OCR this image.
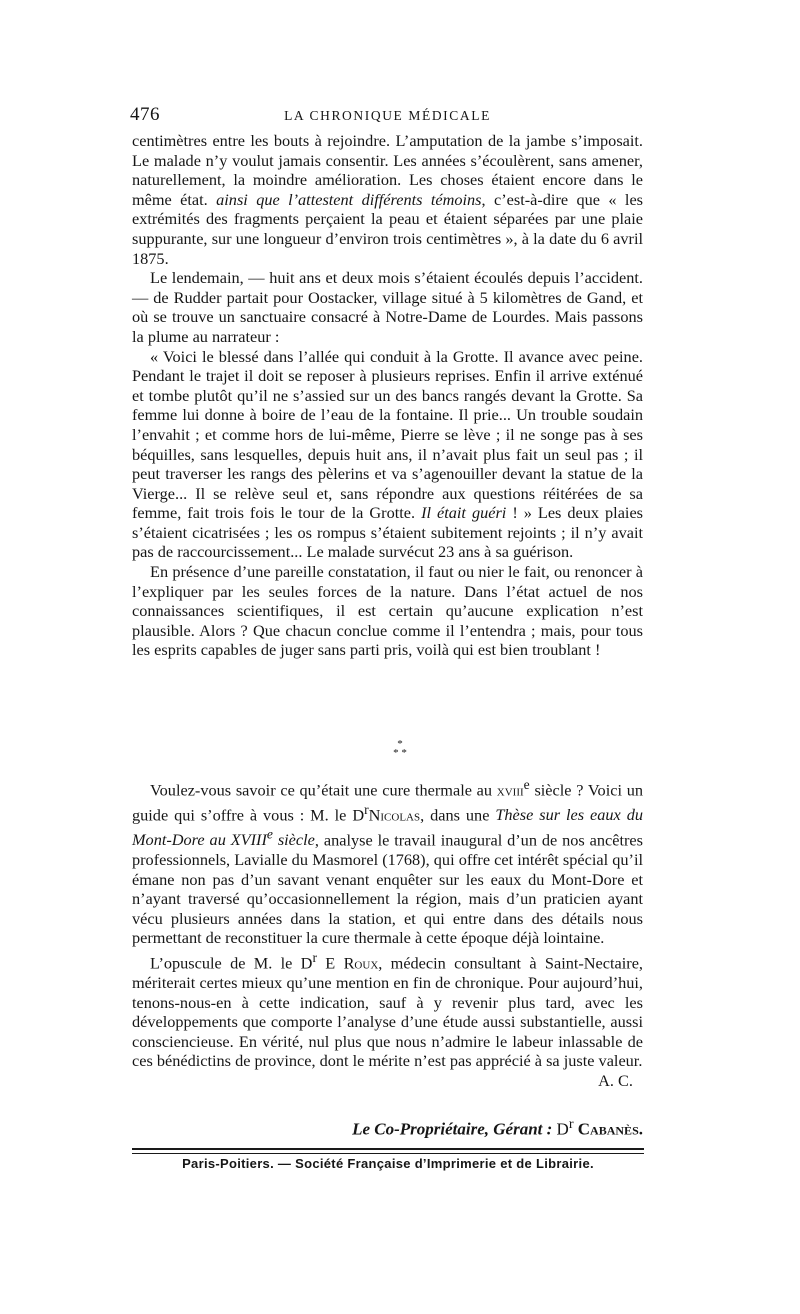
476	LA CHRONIQUE MÉDICALE

centimètres entre les bouts à rejoindre. L’amputation de la jambe s’imposait. Le malade n’y voulut jamais consentir. Les années s’écoulèrent, sans amener, naturellement, la moindre amélioration. Les choses étaient encore dans le même état. ainsi que l’attestent différents témoins, c’est-à-dire que « les extrémités des fragments perçaient la peau et étaient séparées par une plaie suppurante, sur une longueur d’environ trois centimètres », à la date du 6 avril 1875.

Le lendemain, — huit ans et deux mois s’étaient écoulés depuis l’accident. — de Rudder partait pour Oostacker, village situé à 5 kilomètres de Gand, et où se trouve un sanctuaire consacré à Notre-Dame de Lourdes. Mais passons la plume au narrateur :

« Voici le blessé dans l’allée qui conduit à la Grotte. Il avance avec peine. Pendant le trajet il doit se reposer à plusieurs reprises. Enfin il arrive exténué et tombe plutôt qu’il ne s’assied sur un des bancs rangés devant la Grotte. Sa femme lui donne à boire de l’eau de la fontaine. Il prie... Un trouble soudain l’envahit ; et comme hors de lui-même, Pierre se lève ; il ne songe pas à ses béquilles, sans lesquelles, depuis huit ans, il n’avait plus fait un seul pas ; il peut traverser les rangs des pèlerins et va s’agenouiller devant la statue de la Vierge... Il se relève seul et, sans répondre aux questions réitérées de sa femme, fait trois fois le tour de la Grotte. Il était guéri ! » Les deux plaies s’étaient cicatrisées ; les os rompus s’étaient subitement rejoints ; il n’y avait pas de raccourcissement... Le malade survécut 23 ans à sa guérison.

En présence d’une pareille constatation, il faut ou nier le fait, ou renoncer à l’expliquer par les seules forces de la nature. Dans l’état actuel de nos connaissances scientifiques, il est certain qu’aucune explication n’est plausible. Alors ? Que chacun conclue comme il l’entendra ; mais, pour tous les esprits capables de juger sans parti pris, voilà qui est bien troublant !

*
* *

Voulez-vous savoir ce qu’était une cure thermale au xviii$^e$ siècle ? Voici un guide qui s’offre à vous : M. le $D^rNicolas$, dans une Thèse sur les eaux du Mont-Dore au XVIIIe siècle, analyse le travail inaugural d’un de nos ancêtres professionnels, Lavialle du Masmorel (1768), qui offre cet intérêt spécial qu’il émane non pas d’un savant venant enquêter sur les eaux du Mont-Dore et n’ayant traversé qu’occasionnellement la région, mais d’un praticien ayant vécu plusieurs années dans la station, et qui entre dans des détails nous permettant de reconstituer la cure thermale à cette époque déjà lointaine.

L’opuscule de M. le $D^r$ E Roux, médecin consultant à Saint-Nectaire, mériterait certes mieux qu’une mention en fin de chronique. Pour aujourd’hui, tenons-nous-en à cette indication, sauf à y revenir plus tard, avec les développements que comporte l’analyse d’une étude aussi substantielle, aussi consciencieuse. En vérité, nul plus que nous n’admire le labeur inlassable de ces bénédictins de province, dont le mérite n’est pas apprécié à sa juste valeur.
A. C.

Le Co-Propriétaire, Gérant : $D^r$ Cabanès.
Paris-Poitiers. — Société Française d’Imprimerie et de Librairie.
